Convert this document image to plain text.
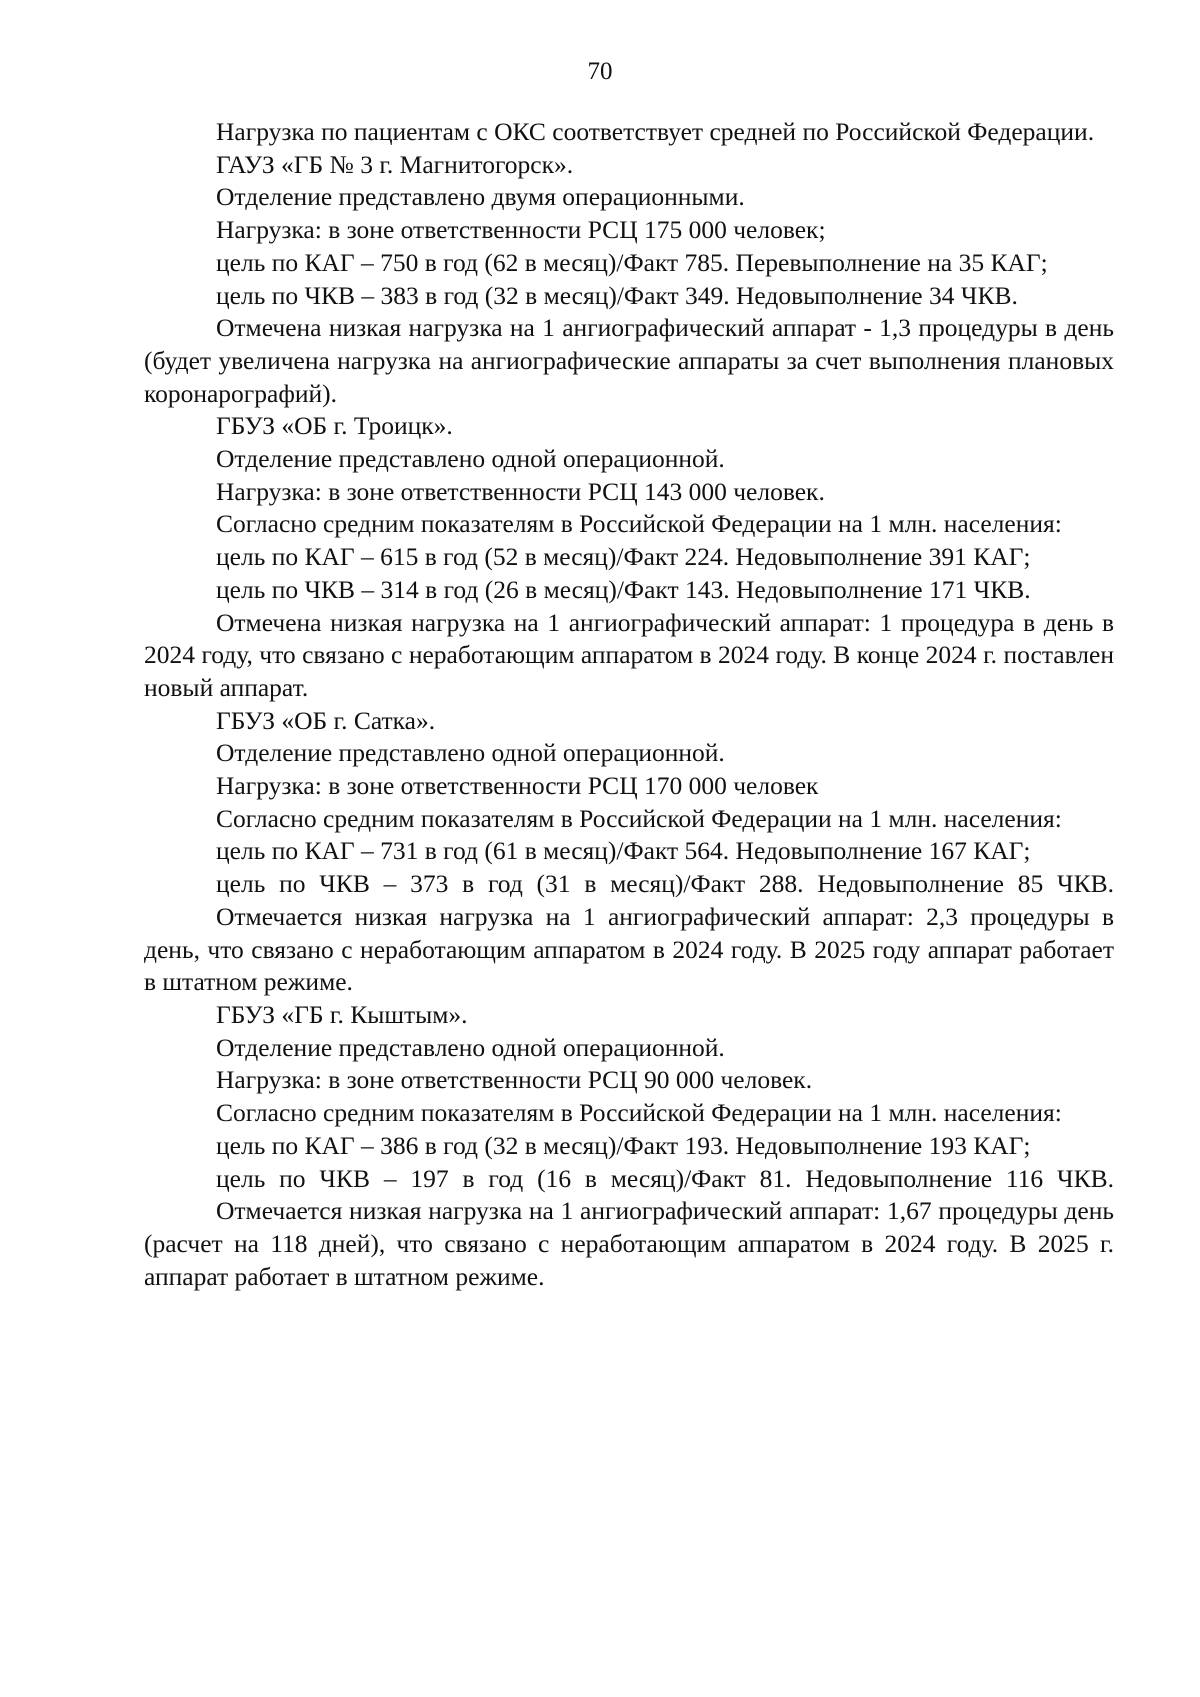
70

Нагрузка по пациентам с ОКС соответствует средней по Российской Федерации.

ГАУЗ «ГБ № 3 г. Магнитогорск».

Отделение представлено двумя операционными.

Нагрузка: в зоне ответственности РСЦ 175 000 человек;

цель по КАГ – 750 в год (62 в месяц)/Факт 785. Перевыполнение на 35 КАГ;

цель по ЧКВ – 383 в год (32 в месяц)/Факт 349. Недовыполнение 34 ЧКВ.

Отмечена низкая нагрузка на 1 ангиографический аппарат - 1,3 процедуры в день (будет увеличена нагрузка на ангиографические аппараты за счет выполнения плановых коронарографий).

ГБУЗ «ОБ г. Троицк».

Отделение представлено одной операционной.

Нагрузка: в зоне ответственности РСЦ 143 000 человек.

Согласно средним показателям в Российской Федерации на 1 млн. населения:

цель по КАГ – 615 в год (52 в месяц)/Факт 224. Недовыполнение 391 КАГ;

цель по ЧКВ – 314 в год (26 в месяц)/Факт 143. Недовыполнение 171 ЧКВ.

Отмечена низкая нагрузка на 1 ангиографический аппарат: 1 процедура в день в 2024 году, что связано с неработающим аппаратом в 2024 году. В конце 2024 г. поставлен новый аппарат.

ГБУЗ «ОБ г. Сатка».

Отделение представлено одной операционной.

Нагрузка: в зоне ответственности РСЦ 170 000 человек

Согласно средним показателям в Российской Федерации на 1 млн. населения:

цель по КАГ – 731 в год (61 в месяц)/Факт 564. Недовыполнение 167 КАГ;

цель по ЧКВ – 373 в год (31 в месяц)/Факт 288. Недовыполнение 85 ЧКВ.

Отмечается низкая нагрузка на 1 ангиографический аппарат: 2,3 процедуры в день, что связано с неработающим аппаратом в 2024 году. В 2025 году аппарат работает в штатном режиме.

ГБУЗ «ГБ г. Кыштым».

Отделение представлено одной операционной.

Нагрузка: в зоне ответственности РСЦ 90 000 человек.

Согласно средним показателям в Российской Федерации на 1 млн. населения:

цель по КАГ – 386 в год (32 в месяц)/Факт 193. Недовыполнение 193 КАГ;

цель по ЧКВ – 197 в год (16 в месяц)/Факт 81. Недовыполнение 116 ЧКВ.

Отмечается низкая нагрузка на 1 ангиографический аппарат: 1,67 процедуры день (расчет на 118 дней), что связано с неработающим аппаратом в 2024 году. В 2025 г. аппарат работает в штатном режиме.
